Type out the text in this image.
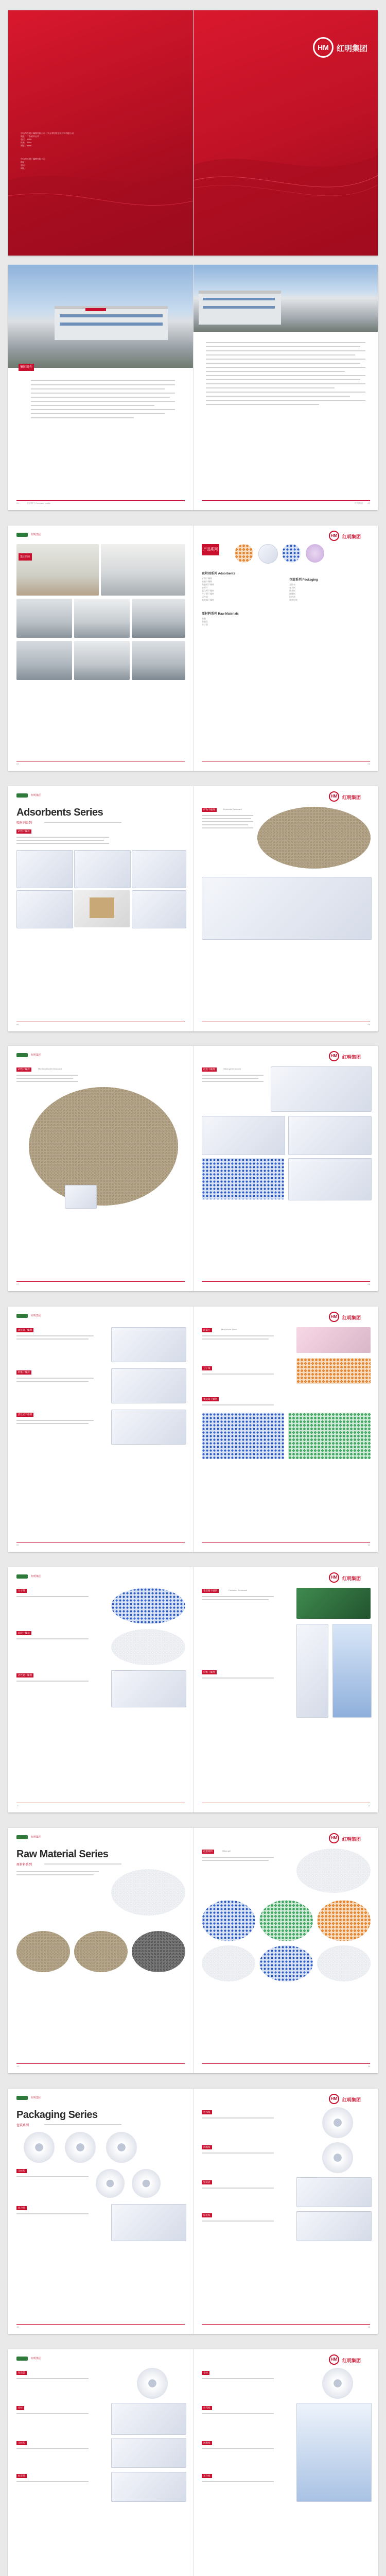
中山市红明干燥剂有限公司 / 中山市红明包装材料有限公司
地址：广东省中山市
电话：0760-
传真：0760-
网址：www.
中山市红明干燥剂有限公司
地址：
电话：
网址：
HM	红明集团
集团简介
企业简介 Company profile
01	红明集团 02
红明集团
集团简介
03
HM	红明集团
产品系列
吸附剂系列 Adsorbents
矿物干燥剂
硅胶干燥剂
蒙脱石干燥剂
防霉片
氧化钙干燥剂
分子筛干燥剂
活性炭
集装箱干燥剂
包装系列 Packaging
无纺布
复合纸
杜邦纸
淋膜纸
铝箔袋
吸塑包装
原材料系列 Raw Materials
硅胶
蒙脱石
分子筛
04
红明集团
Adsorbents Series
吸附剂系列
矿物干燥剂
05
HM	红明集团
矿物干燥剂	Bentonite Desiccant
06
红明集团
矿物干燥剂	Montmorillonite Desiccant
07
HM	红明集团
硅胶干燥剂	Silica gel desiccant
08
红明集团
氧化钙干燥剂
纤维干燥剂
活性炭干燥剂
09
HM	红明集团
防霉片	Mold Proof Sheet
分子筛
集装箱干燥剂
10
红明集团
分子筛
硅胶干燥剂
活性炭干燥剂
11
HM	红明集团
集装箱干燥剂	Container Desiccant
纤维干燥剂
12
红明集团
Raw Material Series
原材料系列
13
HM	红明集团
硅胶原料	Silica gel
14
红明集团
Packaging Series
包装系列
无纺布
复合纸
15
HM	红明集团
杜邦纸
淋膜纸
铝箔袋
标签纸
16
红明集团
铝箔袋
卷材
无纺布
标签纸
HM	红明集团
卷材
杜邦纸
淋膜纸
复合纸
